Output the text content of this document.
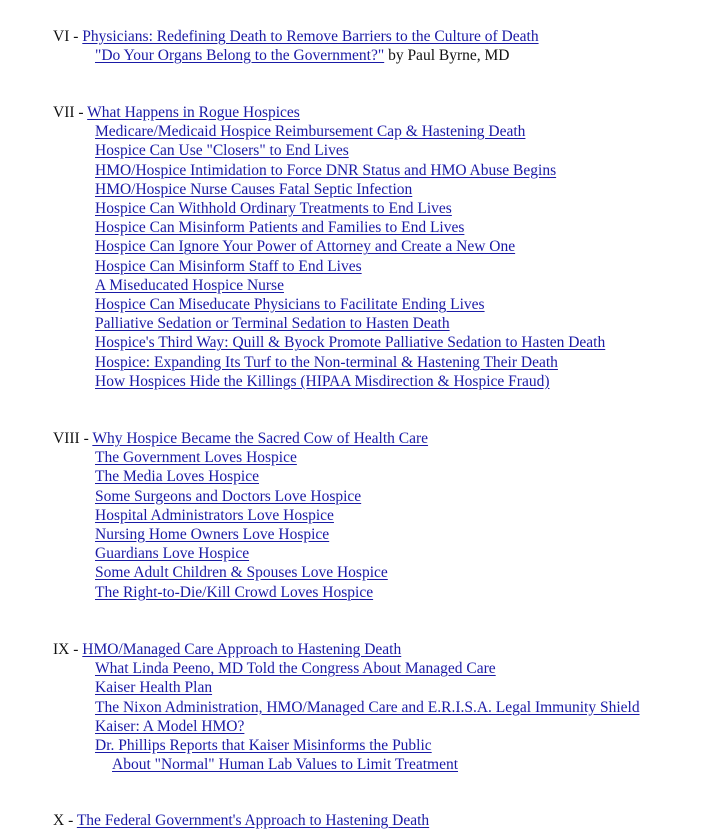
VI - Physicians: Redefining Death to Remove Barriers to the Culture of Death
"Do Your Organs Belong to the Government?" by Paul Byrne, MD
VII - What Happens in Rogue Hospices
Medicare/Medicaid Hospice Reimbursement Cap & Hastening Death
Hospice Can Use "Closers" to End Lives
HMO/Hospice Intimidation to Force DNR Status and HMO Abuse Begins
HMO/Hospice Nurse Causes Fatal Septic Infection
Hospice Can Withhold Ordinary Treatments to End Lives
Hospice Can Misinform Patients and Families to End Lives
Hospice Can Ignore Your Power of Attorney and Create a New One
Hospice Can Misinform Staff to End Lives
A Miseducated Hospice Nurse
Hospice Can Miseducate Physicians to Facilitate Ending Lives
Palliative Sedation or Terminal Sedation to Hasten Death
Hospice's Third Way: Quill & Byock Promote Palliative Sedation to Hasten Death
Hospice: Expanding Its Turf to the Non-terminal & Hastening Their Death
How Hospices Hide the Killings (HIPAA Misdirection & Hospice Fraud)
VIII - Why Hospice Became the Sacred Cow of Health Care
The Government Loves Hospice
The Media Loves Hospice
Some Surgeons and Doctors Love Hospice
Hospital Administrators Love Hospice
Nursing Home Owners Love Hospice
Guardians Love Hospice
Some Adult Children & Spouses Love Hospice
The Right-to-Die/Kill Crowd Loves Hospice
IX - HMO/Managed Care Approach to Hastening Death
What Linda Peeno, MD Told the Congress About Managed Care
Kaiser Health Plan
The Nixon Administration, HMO/Managed Care and E.R.I.S.A. Legal Immunity Shield
Kaiser: A Model HMO?
Dr. Phillips Reports that Kaiser Misinforms the Public
About "Normal" Human Lab Values to Limit Treatment
X - The Federal Government's Approach to Hastening Death
